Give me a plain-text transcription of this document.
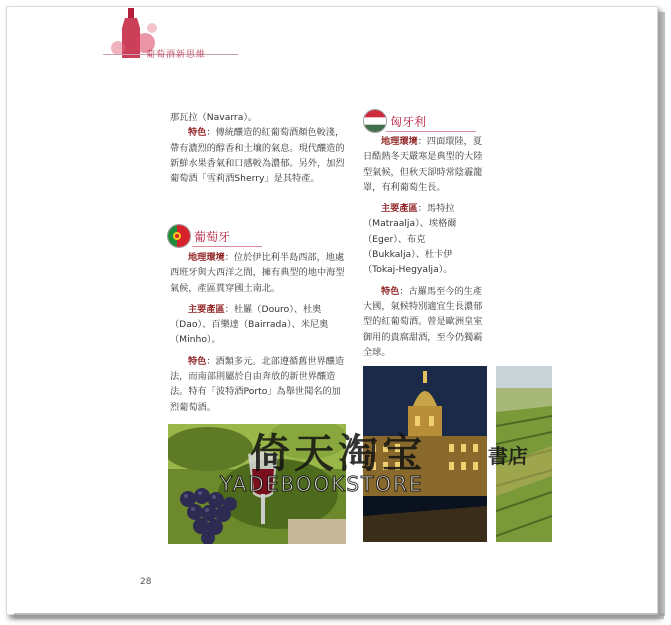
葡萄酒新思維

那瓦拉（Navarra）。

特色：傳統釀造的紅葡萄酒顏色較淺，帶有濃烈的醇香和土壤的氣息。現代釀造的新鮮水果香氣和口感較為濃郁。另外，加烈葡萄酒「雪莉酒Sherry」是其特產。

葡萄牙

地理環境：位於伊比利半島西部，地處西班牙與大西洋之間，擁有典型的地中海型氣候，產區貫穿國土南北。

主要產區：杜羅（Douro）、杜奧（Dao）、百樂達（Bairrada）、米尼奧（Minho）。

特色：酒類多元。北部遵循舊世界釀造法，而南部則屬於自由奔放的新世界釀造法。特有「波特酒Porto」為舉世聞名的加烈葡萄酒。

匈牙利

地理環境：四面環陸，夏日酷熱冬天嚴寒是典型的大陸型氣候，但秋天卻時常陰霾籠罩，有利葡萄生長。

主要產區：馬特拉（Matraalja）、埃格爾（Eger）、布克（Bukkalja）、杜卡伊（Tokaj-Hegyalja）。

特色：古羅馬至今的生產大國，氣候特別適宜生長濃郁型的紅葡萄酒。曾是歐洲皇室御用的貴腐甜酒，至今仍獨霸全球。

倚天淘宝	書店
YADEBOOKSTORE
28
